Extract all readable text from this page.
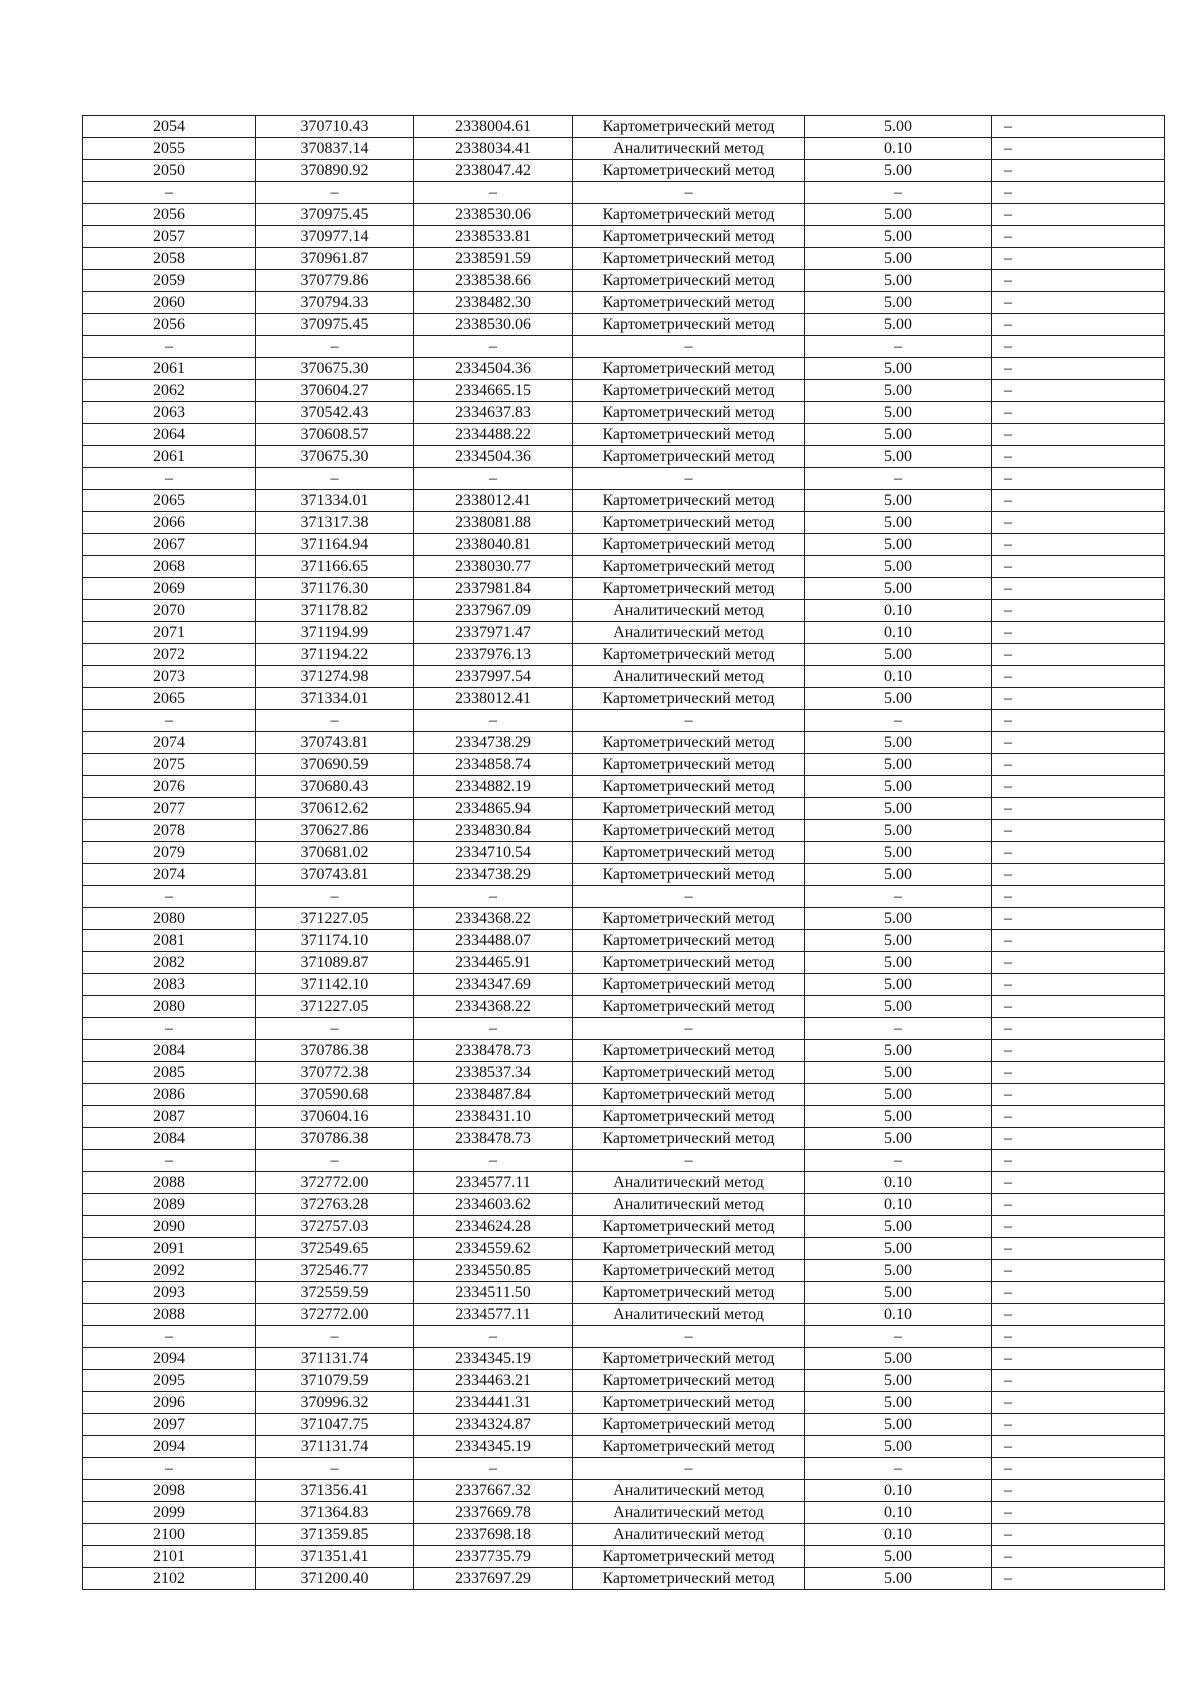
2054	370710.43	2338004.61	Картометрический метод	5.00	–
2055	370837.14	2338034.41	Аналитический метод	0.10	–
2050	370890.92	2338047.42	Картометрический метод	5.00	–
–	–	–	–	–	–
2056	370975.45	2338530.06	Картометрический метод	5.00	–
2057	370977.14	2338533.81	Картометрический метод	5.00	–
2058	370961.87	2338591.59	Картометрический метод	5.00	–
2059	370779.86	2338538.66	Картометрический метод	5.00	–
2060	370794.33	2338482.30	Картометрический метод	5.00	–
2056	370975.45	2338530.06	Картометрический метод	5.00	–
–	–	–	–	–	–
2061	370675.30	2334504.36	Картометрический метод	5.00	–
2062	370604.27	2334665.15	Картометрический метод	5.00	–
2063	370542.43	2334637.83	Картометрический метод	5.00	–
2064	370608.57	2334488.22	Картометрический метод	5.00	–
2061	370675.30	2334504.36	Картометрический метод	5.00	–
–	–	–	–	–	–
2065	371334.01	2338012.41	Картометрический метод	5.00	–
2066	371317.38	2338081.88	Картометрический метод	5.00	–
2067	371164.94	2338040.81	Картометрический метод	5.00	–
2068	371166.65	2338030.77	Картометрический метод	5.00	–
2069	371176.30	2337981.84	Картометрический метод	5.00	–
2070	371178.82	2337967.09	Аналитический метод	0.10	–
2071	371194.99	2337971.47	Аналитический метод	0.10	–
2072	371194.22	2337976.13	Картометрический метод	5.00	–
2073	371274.98	2337997.54	Аналитический метод	0.10	–
2065	371334.01	2338012.41	Картометрический метод	5.00	–
–	–	–	–	–	–
2074	370743.81	2334738.29	Картометрический метод	5.00	–
2075	370690.59	2334858.74	Картометрический метод	5.00	–
2076	370680.43	2334882.19	Картометрический метод	5.00	–
2077	370612.62	2334865.94	Картометрический метод	5.00	–
2078	370627.86	2334830.84	Картометрический метод	5.00	–
2079	370681.02	2334710.54	Картометрический метод	5.00	–
2074	370743.81	2334738.29	Картометрический метод	5.00	–
–	–	–	–	–	–
2080	371227.05	2334368.22	Картометрический метод	5.00	–
2081	371174.10	2334488.07	Картометрический метод	5.00	–
2082	371089.87	2334465.91	Картометрический метод	5.00	–
2083	371142.10	2334347.69	Картометрический метод	5.00	–
2080	371227.05	2334368.22	Картометрический метод	5.00	–
–	–	–	–	–	–
2084	370786.38	2338478.73	Картометрический метод	5.00	–
2085	370772.38	2338537.34	Картометрический метод	5.00	–
2086	370590.68	2338487.84	Картометрический метод	5.00	–
2087	370604.16	2338431.10	Картометрический метод	5.00	–
2084	370786.38	2338478.73	Картометрический метод	5.00	–
–	–	–	–	–	–
2088	372772.00	2334577.11	Аналитический метод	0.10	–
2089	372763.28	2334603.62	Аналитический метод	0.10	–
2090	372757.03	2334624.28	Картометрический метод	5.00	–
2091	372549.65	2334559.62	Картометрический метод	5.00	–
2092	372546.77	2334550.85	Картометрический метод	5.00	–
2093	372559.59	2334511.50	Картометрический метод	5.00	–
2088	372772.00	2334577.11	Аналитический метод	0.10	–
–	–	–	–	–	–
2094	371131.74	2334345.19	Картометрический метод	5.00	–
2095	371079.59	2334463.21	Картометрический метод	5.00	–
2096	370996.32	2334441.31	Картометрический метод	5.00	–
2097	371047.75	2334324.87	Картометрический метод	5.00	–
2094	371131.74	2334345.19	Картометрический метод	5.00	–
–	–	–	–	–	–
2098	371356.41	2337667.32	Аналитический метод	0.10	–
2099	371364.83	2337669.78	Аналитический метод	0.10	–
2100	371359.85	2337698.18	Аналитический метод	0.10	–
2101	371351.41	2337735.79	Картометрический метод	5.00	–
2102	371200.40	2337697.29	Картометрический метод	5.00	–
